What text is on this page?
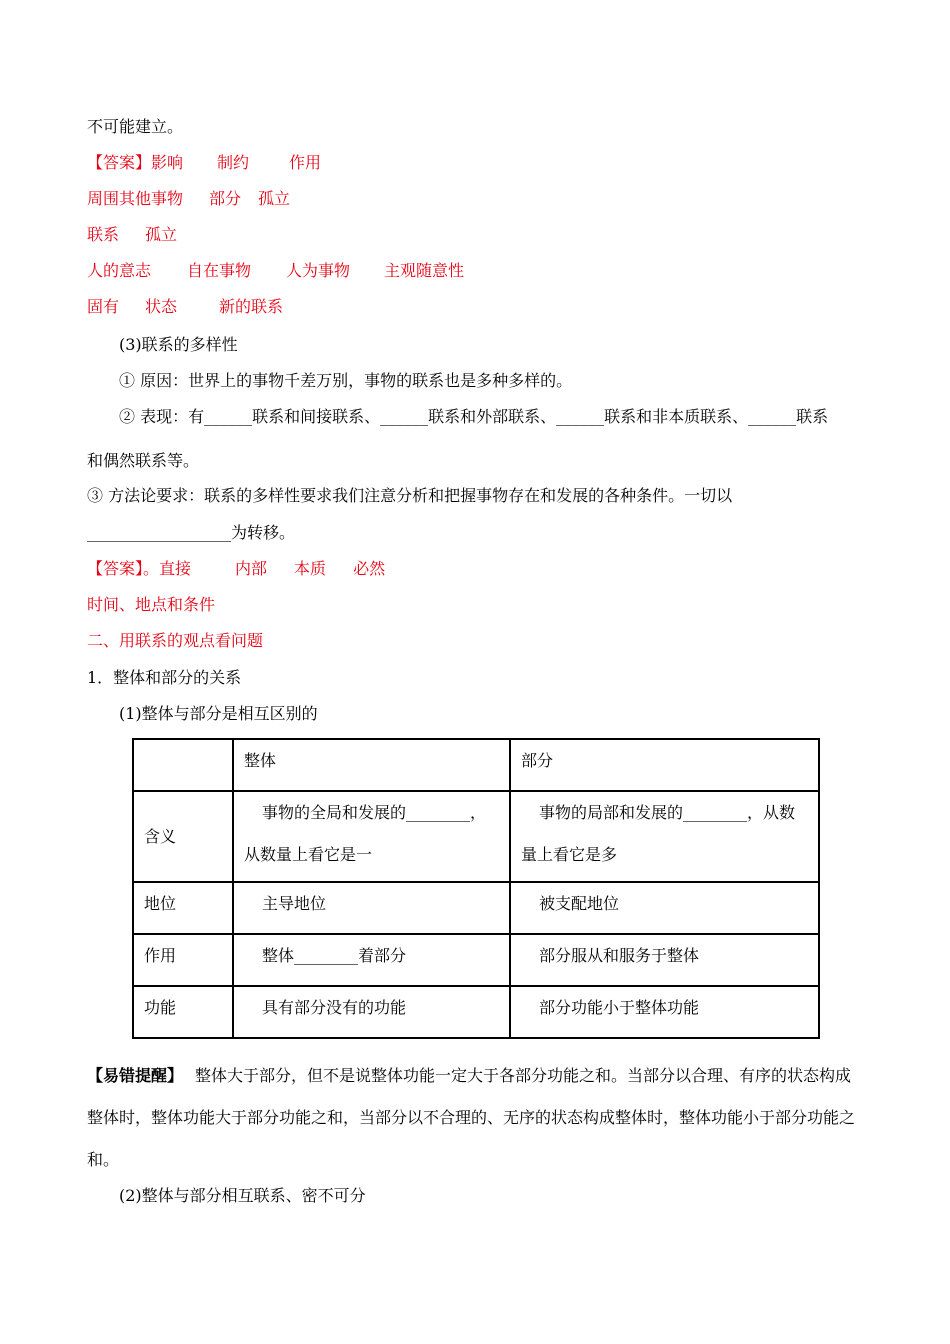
不可能建立。
【答案】影响 制约	作用
周围其他事物 部分 孤立
联系 孤立
人的意志 自在事物 人为事物 主观随意性
固有 状态	新的联系
(3)联系的多样性
① 原因：世界上的事物千差万别，事物的联系也是多种多样的。
② 表现：有______联系和间接联系、______联系和外部联系、______联系和非本质联系、______联系
和偶然联系等。
③ 方法论要求：联系的多样性要求我们注意分析和把握事物存在和发展的各种条件。一切以
__________________为转移。
【答案】。直接	内部 本质 必然
时间、地点和条件
二、用联系的观点看问题
1．整体和部分的关系
(1)整体与部分是相互区别的
	整体	部分
含义	事物的全局和发展的________，从数量上看它是一	事物的局部和发展的________，从数量上看它是多
地位	主导地位	被支配地位
作用	整体________着部分	部分服从和服务于整体
功能	具有部分没有的功能	部分功能小于整体功能
【易错提醒】 整体大于部分，但不是说整体功能一定大于各部分功能之和。当部分以合理、有序的状态构成整体时，整体功能大于部分功能之和，当部分以不合理的、无序的状态构成整体时，整体功能小于部分功能之和。
(2)整体与部分相互联系、密不可分
